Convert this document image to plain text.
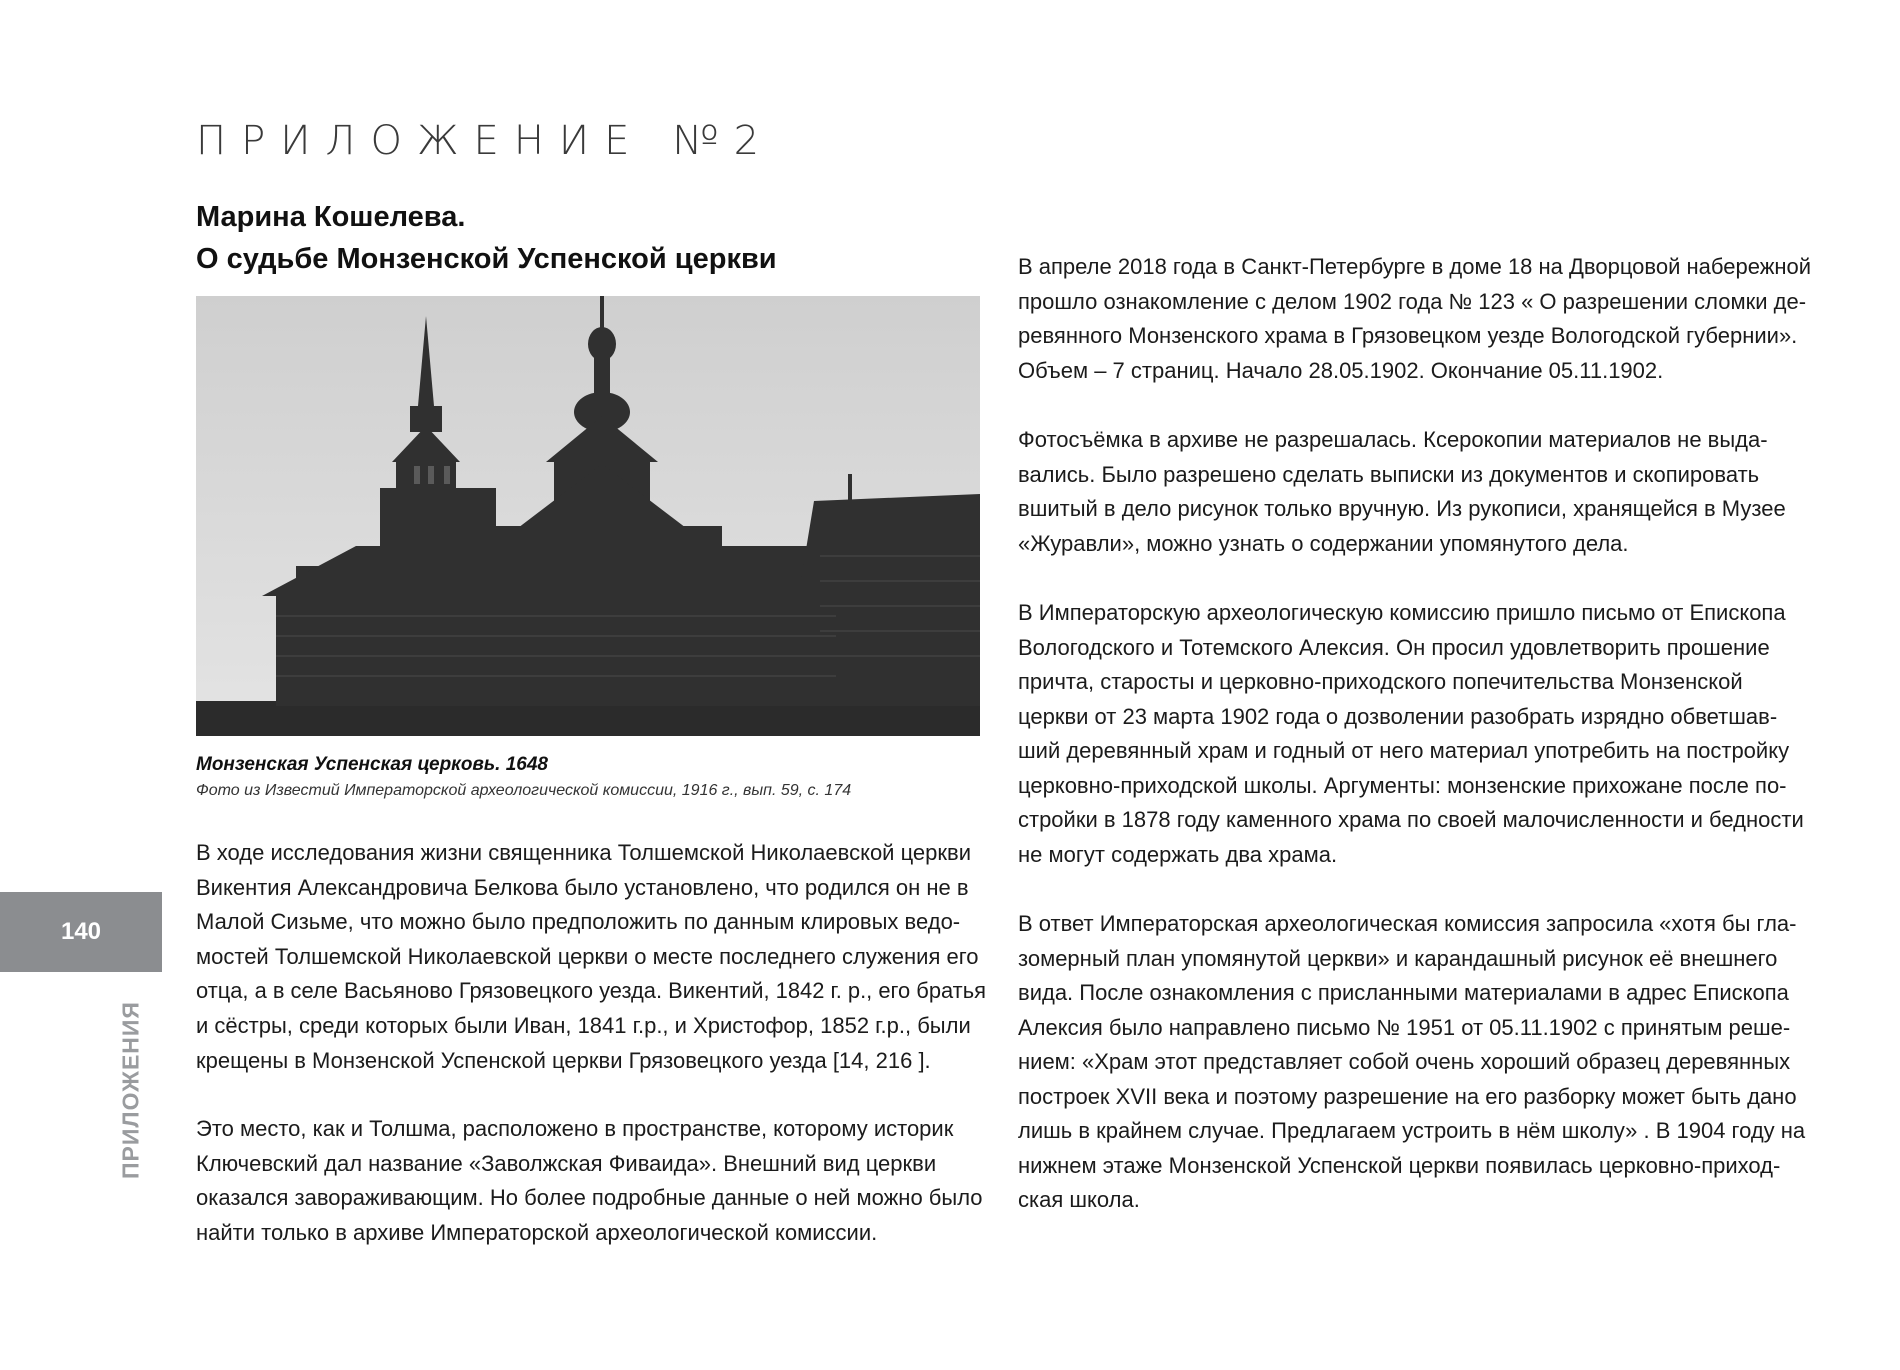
ПРИЛОЖЕНИЕ №2
Марина Кошелева.
О судьбе Монзенской Успенской церкви
Монзенская Успенская церковь. 1648
Фото из Известий Императорской археологической комиссии, 1916 г., вып. 59, с. 174

В ходе исследования жизни священника Толшемской Николаевской церкви
Викентия Александровича Белкова было установлено, что родился он не в
Малой Сизьме, что можно было предположить по данным клировых ведо-
мостей Толшемской Николаевской церкви о месте последнего служения его
отца, а в селе Васьяново Грязовецкого уезда. Викентий, 1842 г. р., его братья
и сёстры, среди которых были Иван, 1841 г.р., и Христофор, 1852 г.р., были
крещены в Монзенской Успенской церкви Грязовецкого уезда [14, 216 ].

Это место, как и Толшма, расположено в пространстве, которому историк
Ключевский дал название «Заволжская Фиваида». Внешний вид церкви
оказался завораживающим. Но более подробные данные о ней можно было
найти только в архиве Императорской археологической комиссии.

В апреле 2018 года в Санкт-Петербурге в доме 18 на Дворцовой набережной
прошло ознакомление с делом 1902 года № 123 « О разрешении сломки де-
ревянного Монзенского храма в Грязовецком уезде Вологодской губернии».
Объем – 7 страниц. Начало 28.05.1902. Окончание 05.11.1902.

Фотосъёмка в архиве не разрешалась. Ксерокопии материалов не выда-
вались. Было разрешено сделать выписки из документов и скопировать
вшитый в дело рисунок только вручную. Из рукописи, хранящейся в Музее
«Журавли», можно узнать о содержании упомянутого дела.

В Императорскую археологическую комиссию пришло письмо от Епископа
Вологодского и Тотемского Алексия. Он просил удовлетворить прошение
причта, старосты и церковно-приходского попечительства Монзенской
церкви от 23 марта 1902 года о дозволении разобрать изрядно обветшав-
ший деревянный храм и годный от него материал употребить на постройку
церковно-приходской школы. Аргументы: монзенские прихожане после по-
стройки в 1878 году каменного храма по своей малочисленности и бедности
не могут содержать два храма.

В ответ Императорская археологическая комиссия запросила «хотя бы гла-
зомерный план упомянутой церкви» и карандашный рисунок её внешнего
вида. После ознакомления с присланными материалами в адрес Епископа
Алексия было направлено письмо № 1951 от 05.11.1902 с принятым реше-
нием: «Храм этот представляет собой очень хороший образец деревянных
построек XVII века и поэтому разрешение на его разборку может быть дано
лишь в крайнем случае. Предлагаем устроить в нём школу» . В 1904 году на
нижнем этаже Монзенской Успенской церкви появилась церковно-приход-
ская школа.

140
ПРИЛОЖЕНИЯ
